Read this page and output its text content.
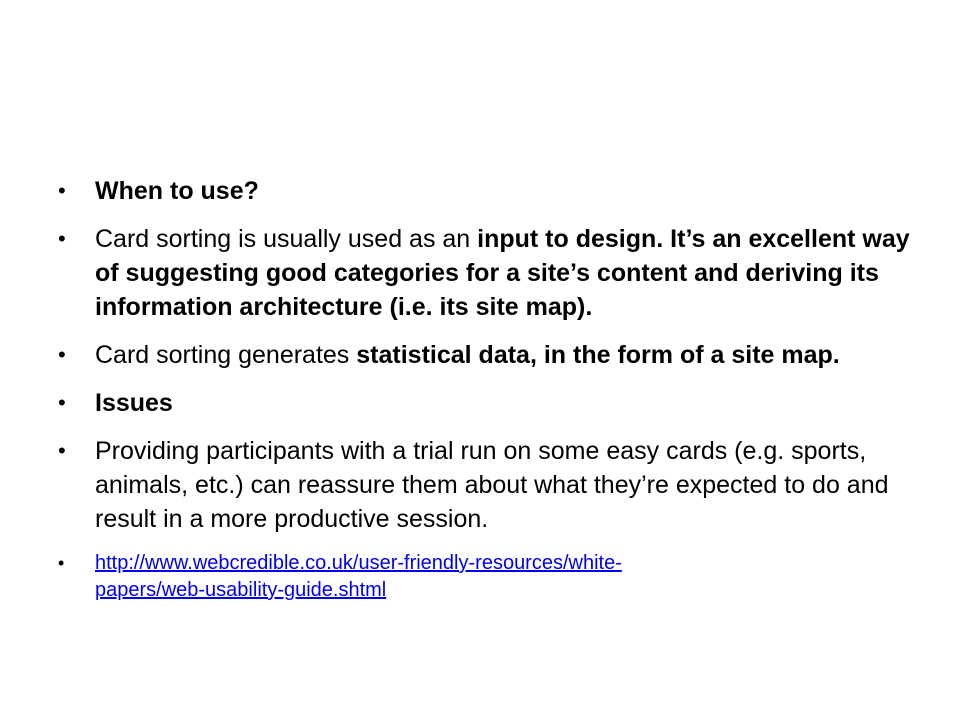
• When to use?
• Card sorting is usually used as an input to design. It’s an excellent way of suggesting good categories for a site’s content and deriving its information architecture (i.e. its site map).
• Card sorting generates statistical data, in the form of a site map.
• Issues
• Providing participants with a trial run on some easy cards (e.g. sports, animals, etc.) can reassure them about what they’re expected to do and result in a more productive session.
• http://www.webcredible.co.uk/user-friendly-resources/white-
papers/web-usability-guide.shtml
